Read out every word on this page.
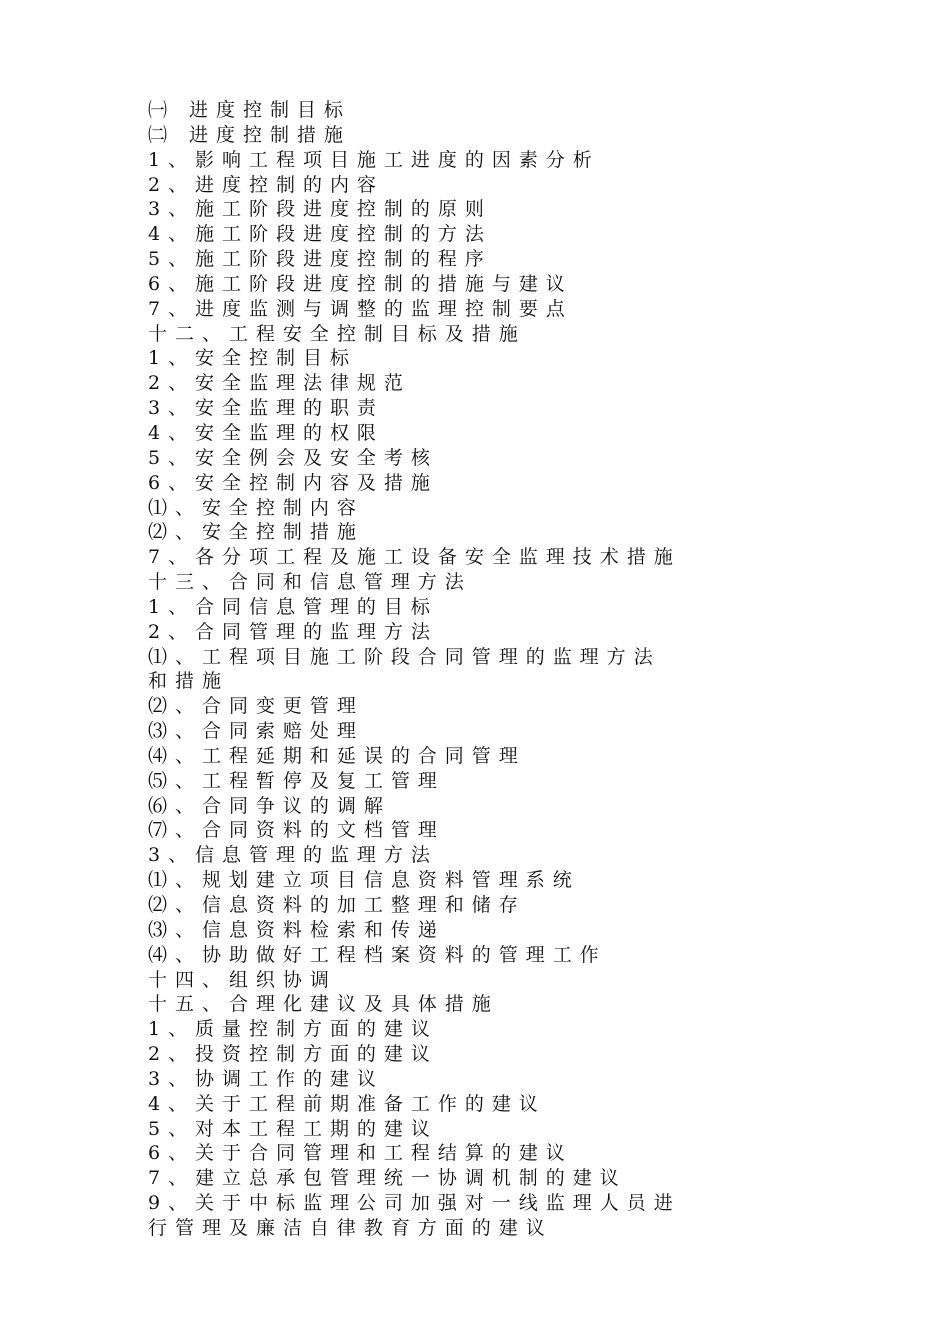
㈠ 进度控制目标
㈡ 进度控制措施
1、影响工程项目施工进度的因素分析
2、进度控制的内容
3、施工阶段进度控制的原则
4、施工阶段进度控制的方法
5、施工阶段进度控制的程序
6、施工阶段进度控制的措施与建议
7、进度监测与调整的监理控制要点
十二、工程安全控制目标及措施
1、安全控制目标
2、安全监理法律规范
3、安全监理的职责
4、安全监理的权限
5、安全例会及安全考核
6、安全控制内容及措施
⑴、安全控制内容
⑵、安全控制措施
7、各分项工程及施工设备安全监理技术措施
十三、合同和信息管理方法
1、合同信息管理的目标
2、合同管理的监理方法
⑴、工程项目施工阶段合同管理的监理方法
和措施
⑵、合同变更管理
⑶、合同索赔处理
⑷、工程延期和延误的合同管理
⑸、工程暂停及复工管理
⑹、合同争议的调解
⑺、合同资料的文档管理
3、信息管理的监理方法
⑴、规划建立项目信息资料管理系统
⑵、信息资料的加工整理和储存
⑶、信息资料检索和传递
⑷、协助做好工程档案资料的管理工作
十四、组织协调
十五、合理化建议及具体措施
1、质量控制方面的建议
2、投资控制方面的建议
3、协调工作的建议
4、关于工程前期准备工作的建议
5、对本工程工期的建议
6、关于合同管理和工程结算的建议
7、建立总承包管理统一协调机制的建议
9、关于中标监理公司加强对一线监理人员进
行管理及廉洁自律教育方面的建议
